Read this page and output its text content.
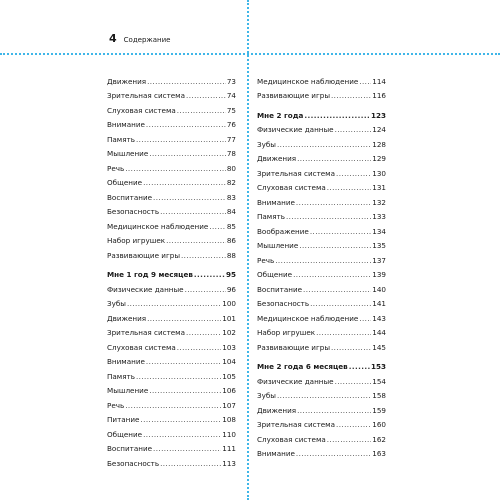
4 Содержание
Движения .....	73
Зрительная система .....	74
Слуховая система .....	75
Внимание .....	76
Память .....	77
Мышление .....	78
Речь .....	80
Общение .....	82
Воспитание .....	83
Безопасность .....	84
Медицинское наблюдение .....	85
Набор игрушек .....	86
Развивающие игры .....	88
Мне 1 год 9 месяцев .....	95
Физические данные .....	96
Зубы .....	100
Движения .....	101
Зрительная система .....	102
Слуховая система .....	103
Внимание .....	104
Память .....	105
Мышление .....	106
Речь .....	107
Питание .....	108
Общение .....	110
Воспитание .....	111
Безопасность .....	113
Медицинское наблюдение ..... 114
Развивающие игры .....	116
Мне 2 года .....	123
Физические данные .....	124
Зубы .....	128
Движения .....	129
Зрительная система .....	130
Слуховая система .....	131
Внимание .....	132
Память .....	133
Воображение .....	134
Мышление .....	135
Речь .....	137
Общение .....	139
Воспитание .....	140
Безопасность .....	141
Медицинское наблюдение ..... 143
Набор игрушек .....	144
Развивающие игры .....	145
Мне 2 года 6 месяцев .....	153
Физические данные .....	154
Зубы .....	158
Движения .....	159
Зрительная система .....	160
Слуховая система .....	162
Внимание .....	163
